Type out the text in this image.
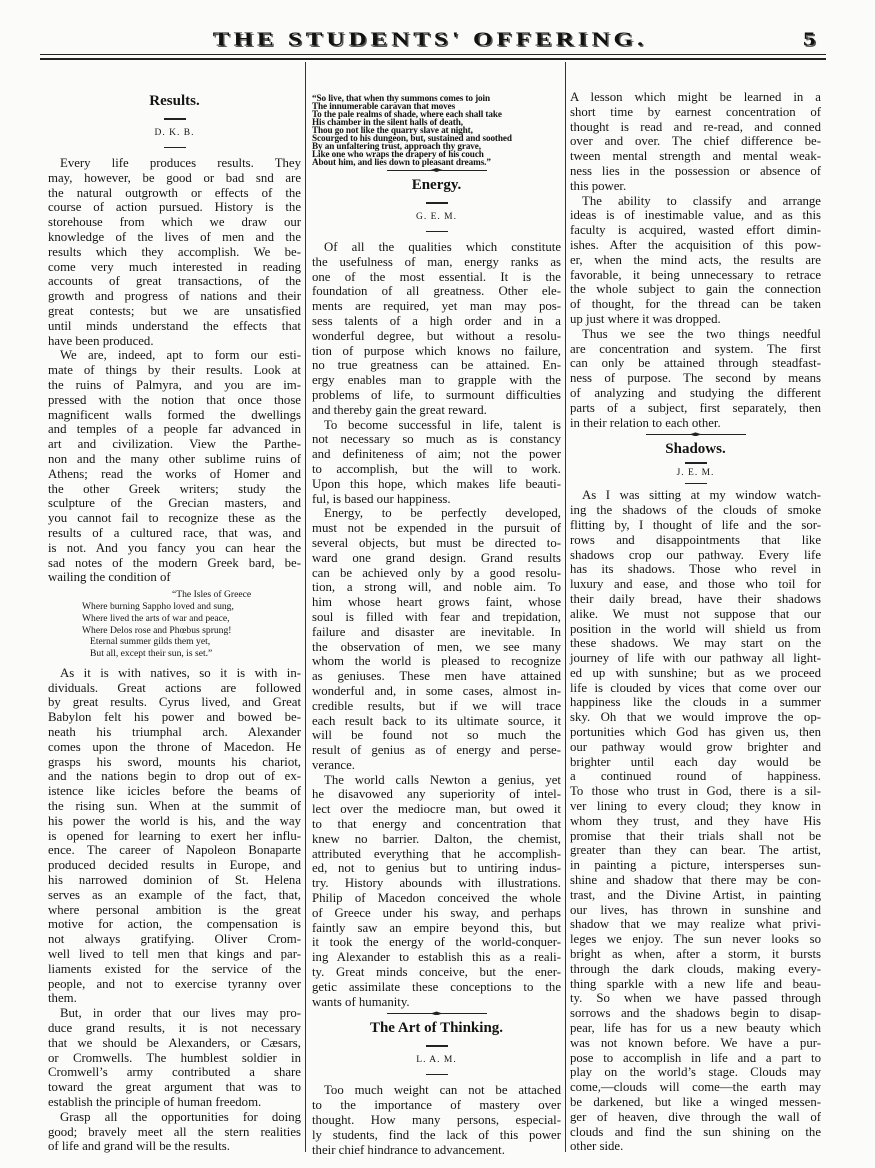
THE STUDENTS' OFFERING.	5
Results.
D. K. B.
Every life produces results. They
may, however, be good or bad snd are
the natural outgrowth or effects of the
course of action pursued. History is the
storehouse from which we draw our
knowledge of the lives of men and the
results which they accomplish. We be-
come very much interested in reading
accounts of great transactions, of the
growth and progress of nations and their
great contests; but we are unsatisfied
until minds understand the effects that
have been produced.
We are, indeed, apt to form our esti-
mate of things by their results. Look at
the ruins of Palmyra, and you are im-
pressed with the notion that once those
magnificent walls formed the dwellings
and temples of a people far advanced in
art and civilization. View the Parthe-
non and the many other sublime ruins of
Athens; read the works of Homer and
the other Greek writers; study the
sculpture of the Grecian masters, and
you cannot fail to recognize these as the
results of a cultured race, that was, and
is not. And you fancy you can hear the
sad notes of the modern Greek bard, be-
wailing the condition of
“The Isles of Greece
Where burning Sappho loved and sung,
Where lived the arts of war and peace,
Where Delos rose and Phœbus sprung!
Eternal summer gilds them yet,
But all, except their sun, is set.”
As it is with natives, so it is with in-
dividuals. Great actions are followed
by great results. Cyrus lived, and Great
Babylon felt his power and bowed be-
neath his triumphal arch. Alexander
comes upon the throne of Macedon. He
grasps his sword, mounts his chariot,
and the nations begin to drop out of ex-
istence like icicles before the beams of
the rising sun. When at the summit of
his power the world is his, and the way
is opened for learning to exert her influ-
ence. The career of Napoleon Bonaparte
produced decided results in Europe, and
his narrowed dominion of St. Helena
serves as an example of the fact, that,
where personal ambition is the great
motive for action, the compensation is
not always gratifying. Oliver Crom-
well lived to tell men that kings and par-
liaments existed for the service of the
people, and not to exercise tyranny over
them.
But, in order that our lives may pro-
duce grand results, it is not necessary
that we should be Alexanders, or Cæsars,
or Cromwells. The humblest soldier in
Cromwell’s army contributed a share
toward the great argument that was to
establish the principle of human freedom.
Grasp all the opportunities for doing
good; bravely meet all the stern realities
of life and grand will be the results.
“So live, that when thy summons comes to join
The innumerable caravan that moves
To the pale realms of shade, where each shall take
His chamber in the silent halls of death,
Thou go not like the quarry slave at night,
Scourged to his dungeon, but, sustained and soothed
By an unfaltering trust, approach thy grave,
Like one who wraps the drapery of his couch
About him, and lies down to pleasant dreams.”
Energy.
G. E. M.
Of all the qualities which constitute
the usefulness of man, energy ranks as
one of the most essential. It is the
foundation of all greatness. Other ele-
ments are required, yet man may pos-
sess talents of a high order and in a
wonderful degree, but without a resolu-
tion of purpose which knows no failure,
no true greatness can be attained. En-
ergy enables man to grapple with the
problems of life, to surmount difficulties
and thereby gain the great reward.
To become successful in life, talent is
not necessary so much as is constancy
and definiteness of aim; not the power
to accomplish, but the will to work.
Upon this hope, which makes life beauti-
ful, is based our happiness.
Energy, to be perfectly developed,
must not be expended in the pursuit of
several objects, but must be directed to-
ward one grand design. Grand results
can be achieved only by a good resolu-
tion, a strong will, and noble aim. To
him whose heart grows faint, whose
soul is filled with fear and trepidation,
failure and disaster are inevitable. In
the observation of men, we see many
whom the world is pleased to recognize
as geniuses. These men have attained
wonderful and, in some cases, almost in-
credible results, but if we will trace
each result back to its ultimate source, it
will be found not so much the
result of genius as of energy and perse-
verance.
The world calls Newton a genius, yet
he disavowed any superiority of intel-
lect over the mediocre man, but owed it
to that energy and concentration that
knew no barrier. Dalton, the chemist,
attributed everything that he accomplish-
ed, not to genius but to untiring indus-
try. History abounds with illustrations.
Philip of Macedon conceived the whole
of Greece under his sway, and perhaps
faintly saw an empire beyond this, but
it took the energy of the world-conquer-
ing Alexander to establish this as a reali-
ty. Great minds conceive, but the ener-
getic assimilate these conceptions to the
wants of humanity.
The Art of Thinking.
L. A. M.
Too much weight can not be attached
to the importance of mastery over
thought. How many persons, especial-
ly students, find the lack of this power
their chief hindrance to advancement.
A lesson which might be learned in a
short time by earnest concentration of
thought is read and re-read, and conned
over and over. The chief difference be-
tween mental strength and mental weak-
ness lies in the possession or absence of
this power.
The ability to classify and arrange
ideas is of inestimable value, and as this
faculty is acquired, wasted effort dimin-
ishes. After the acquisition of this pow-
er, when the mind acts, the results are
favorable, it being unnecessary to retrace
the whole subject to gain the connection
of thought, for the thread can be taken
up just where it was dropped.
Thus we see the two things needful
are concentration and system. The first
can only be attained through steadfast-
ness of purpose. The second by means
of analyzing and studying the different
parts of a subject, first separately, then
in their relation to each other.
Shadows.
J. E. M.
As I was sitting at my window watch-
ing the shadows of the clouds of smoke
flitting by, I thought of life and the sor-
rows and disappointments that like
shadows crop our pathway. Every life
has its shadows. Those who revel in
luxury and ease, and those who toil for
their daily bread, have their shadows
alike. We must not suppose that our
position in the world will shield us from
these shadows. We may start on the
journey of life with our pathway all light-
ed up with sunshine; but as we proceed
life is clouded by vices that come over our
happiness like the clouds in a summer
sky. Oh that we would improve the op-
portunities which God has given us, then
our pathway would grow brighter and
brighter until each day would be
a continued round of happiness.
To those who trust in God, there is a sil-
ver lining to every cloud; they know in
whom they trust, and they have His
promise that their trials shall not be
greater than they can bear. The artist,
in painting a picture, intersperses sun-
shine and shadow that there may be con-
trast, and the Divine Artist, in painting
our lives, has thrown in sunshine and
shadow that we may realize what privi-
leges we enjoy. The sun never looks so
bright as when, after a storm, it bursts
through the dark clouds, making every-
thing sparkle with a new life and beau-
ty. So when we have passed through
sorrows and the shadows begin to disap-
pear, life has for us a new beauty which
was not known before. We have a pur-
pose to accomplish in life and a part to
play on the world’s stage. Clouds may
come,—clouds will come—the earth may
be darkened, but like a winged messen-
ger of heaven, dive through the wall of
clouds and find the sun shining on the
other side.
